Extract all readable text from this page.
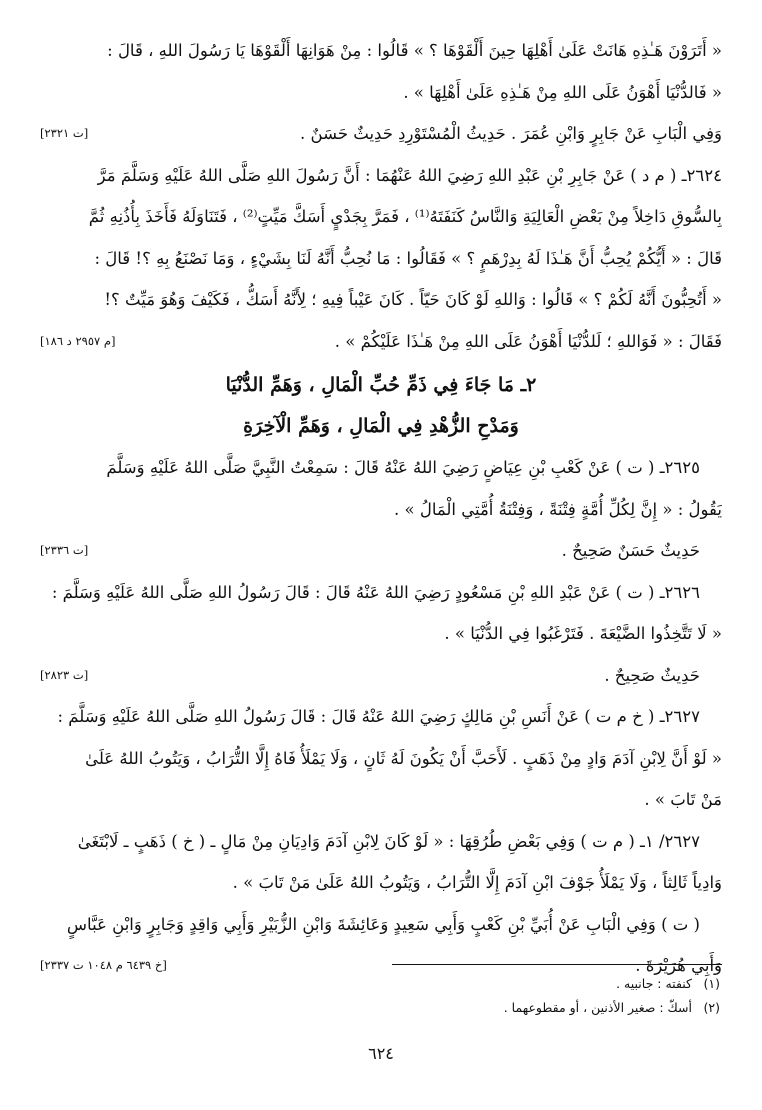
« أَتَرَوْنَ هَـٰذِهِ هَانَتْ عَلَىٰ أَهْلِهَا حِينَ أَلْقَوْهَا ؟ » قَالُوا : مِنْ هَوَانِهَا أَلْقَوْهَا يَا رَسُولَ اللهِ ، قَالَ :
« فَالدُّنْيَا أَهْوَنُ عَلَى اللهِ مِنْ هَـٰذِهِ عَلَىٰ أَهْلِهَا » .
وَفِي الْبَابِ عَنْ جَابِرٍ وَابْنِ عُمَرَ . حَدِيثُ الْمُسْتَوْرِدِ حَدِيثٌ حَسَنٌ .
[ت ٢٣٢١]
٢٦٢٤ـ ( م د ) عَنْ جَابِرِ بْنِ عَبْدِ اللهِ رَضِيَ اللهُ عَنْهُمَا : أَنَّ رَسُولَ اللهِ صَلَّى اللهُ عَلَيْهِ وَسَلَّمَ مَرَّ
بِالسُّوقِ دَاخِلاً مِنْ بَعْضِ الْعَالِيَةِ وَالنَّاسُ كَنَفَتَهُ⁽¹⁾ ، فَمَرَّ بِجَدْيٍ أَسَكَّ مَيِّتٍ⁽²⁾ ، فَتَنَاوَلَهُ فَأَخَذَ بِأُذُنِهِ ثُمَّ
قَالَ : « أَيُّكُمْ يُحِبُّ أَنَّ هَـٰذَا لَهُ بِدِرْهَمٍ ؟ » فَقَالُوا : مَا نُحِبُّ أَنَّهُ لَنَا بِشَيْءٍ ، وَمَا نَصْنَعُ بِهِ ؟! قَالَ :
« أَتُحِبُّونَ أَنَّهُ لَكُمْ ؟ » قَالُوا : وَاللهِ لَوْ كَانَ حَيّاً . كَانَ عَيْباً فِيهِ ؛ لِأَنَّهُ أَسَكُّ ، فَكَيْفَ وَهُوَ مَيِّتٌ ؟!
فَقَالَ : « فَوَاللهِ ؛ لَلدُّنْيَا أَهْوَنُ عَلَى اللهِ مِنْ هَـٰذَا عَلَيْكُمْ » .
[م ٢٩٥٧ د ١٨٦]
٢ـ مَا جَاءَ فِي ذَمِّ حُبِّ الْمَالِ ، وَهَمِّ الدُّنْيَا
وَمَدْحِ الزُّهْدِ فِي الْمَالِ ، وَهَمِّ الْآخِرَةِ
٢٦٢٥ـ ( ت ) عَنْ كَعْبِ بْنِ عِيَاضٍ رَضِيَ اللهُ عَنْهُ قَالَ : سَمِعْتُ النَّبِيَّ صَلَّى اللهُ عَلَيْهِ وَسَلَّمَ
يَقُولُ : « إِنَّ لِكُلِّ أُمَّةٍ فِتْنَةً ، وَفِتْنَةُ أُمَّتِي الْمَالُ » .
حَدِيثٌ حَسَنٌ صَحِيحٌ .
[ت ٢٣٣٦]
٢٦٢٦ـ ( ت ) عَنْ عَبْدِ اللهِ بْنِ مَسْعُودٍ رَضِيَ اللهُ عَنْهُ قَالَ : قَالَ رَسُولُ اللهِ صَلَّى اللهُ عَلَيْهِ وَسَلَّمَ :
« لَا تَتَّخِذُوا الضَّيْعَةَ . فَتَرْغَبُوا فِي الدُّنْيَا » .
حَدِيثٌ صَحِيحٌ .
[ت ٢٨٢٣]
٢٦٢٧ـ ( خ م ت ) عَنْ أَنَسِ بْنِ مَالِكٍ رَضِيَ اللهُ عَنْهُ قَالَ : قَالَ رَسُولُ اللهِ صَلَّى اللهُ عَلَيْهِ وَسَلَّمَ :
« لَوْ أَنَّ لِابْنِ آدَمَ وَادٍ مِنْ ذَهَبٍ . لَأَحَبَّ أَنْ يَكُونَ لَهُ ثَانٍ ، وَلَا يَمْلَأُ فَاهُ إِلَّا التُّرَابُ ، وَيَتُوبُ اللهُ عَلَىٰ
مَنْ تَابَ » .
٢٦٢٧/ ١ـ ( م ت ) وَفِي بَعْضِ طُرُقِهَا : « لَوْ كَانَ لِابْنِ آدَمَ وَادِيَانِ مِنْ مَالٍ ـ ( خ ) ذَهَبٍ ـ لَابْتَغَىٰ
وَادِياً ثَالِثاً ، وَلَا يَمْلَأُ جَوْفَ ابْنِ آدَمَ إِلَّا التُّرَابُ ، وَيَتُوبُ اللهُ عَلَىٰ مَنْ تَابَ » .
( ت ) وَفِي الْبَابِ عَنْ أُبَيِّ بْنِ كَعْبٍ وَأَبِي سَعِيدٍ وَعَائِشَةَ وَابْنِ الزُّبَيْرِ وَأَبِي وَاقِدٍ وَجَابِرٍ وَابْنِ عَبَّاسٍ
وَأَبِي هُرَيْرَةَ .
[خ ٦٤٣٩ م ١٠٤٨ ت ٢٣٣٧]
(١)كنفته : جانبيه .
(٢)أسكّ : صغير الأذنين ، أو مقطوعهما .
٦٢٤
